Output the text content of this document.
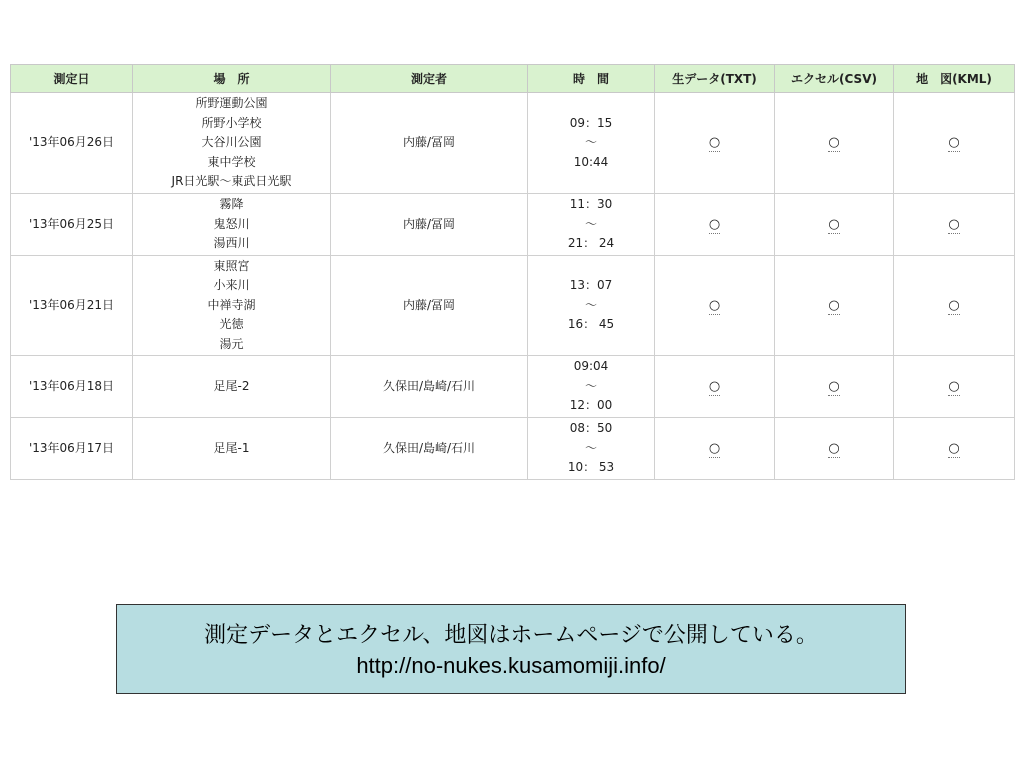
測定日	場　所	測定者	時　間	生データ(TXT)	エクセル(CSV)	地　図(KML)
'13年06月26日	所野運動公園
所野小学校
大谷川公園
東中学校
JR日光駅～東武日光駅	内藤/冨岡	09：15
～
10:44	○	○	○
'13年06月25日	霧降
鬼怒川
湯西川	内藤/冨岡	11：30
～
21： 24	○	○	○
'13年06月21日	東照宮
小来川
中禅寺湖
光徳
湯元	内藤/冨岡	13：07
～
16： 45	○	○	○
'13年06月18日	足尾-2	久保田/島崎/石川	09:04
～
12：00	○	○	○
'13年06月17日	足尾-1	久保田/島崎/石川	08：50
～
10： 53	○	○	○
測定データとエクセル、地図はホームページで公開している。
http://no-nukes.kusamomiji.info/
